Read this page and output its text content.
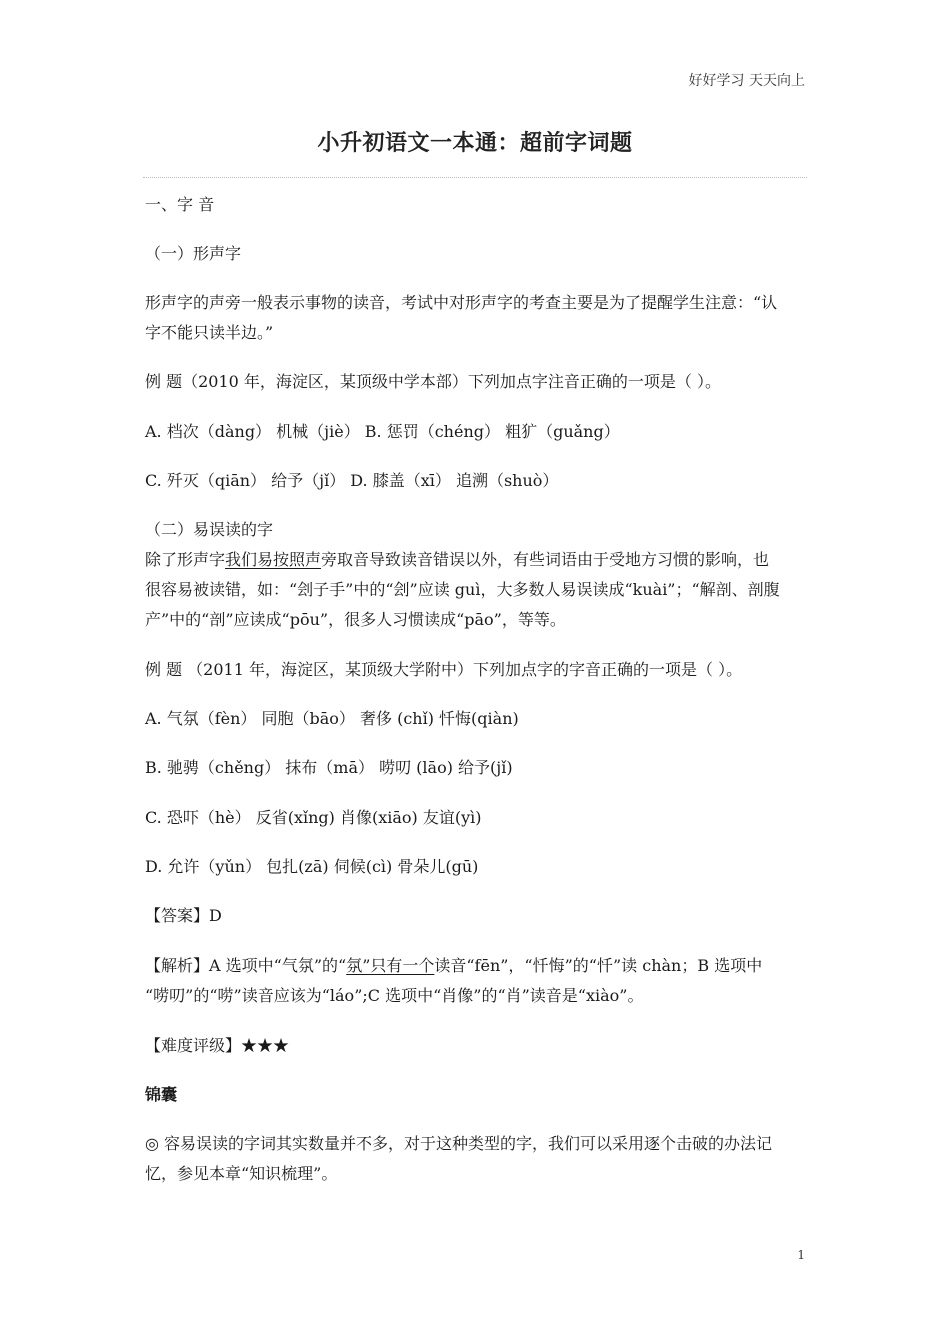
好好学习 天天向上
小升初语文一本通：超前字词题
一、字 音
（一）形声字
形声字的声旁一般表示事物的读音，考试中对形声字的考查主要是为了提醒学生注意：“认
字不能只读半边。”
例 题（2010 年，海淀区，某顶级中学本部）下列加点字注音正确的一项是（ ）。
A. 档次（dàng） 机械（jiè） B. 惩罚（chéng） 粗犷（guǎng）
C. 歼灭（qiān） 给予（jǐ） D. 膝盖（xī） 追溯（shuò）
（二）易误读的字
除了形声字我们易按照声旁取音导致读音错误以外，有些词语由于受地方习惯的影响，也
很容易被读错，如：“刽子手”中的“刽”应读 guì，大多数人易误读成“kuài”；“解剖、剖腹
产”中的“剖”应读成“pōu”，很多人习惯读成“pāo”，等等。
例 题 （2011 年，海淀区，某顶级大学附中）下列加点字的字音正确的一项是（ ）。
A. 气氛（fèn） 同胞（bāo） 奢侈 (chǐ) 忏悔(qiàn)
B. 驰骋（chěng） 抹布（mā） 唠叨 (lāo) 给予(jǐ)
C. 恐吓（hè） 反省(xǐng) 肖像(xiāo) 友谊(yì)
D. 允许（yǔn） 包扎(zā) 伺候(cì) 骨朵儿(gū)
【答案】D
【解析】A 选项中“气氛”的“氛”只有一个读音“fēn”，“忏悔”的“忏”读 chàn；B 选项中
“唠叨”的“唠”读音应该为“láo”;C 选项中“肖像”的“肖”读音是“xiào”。
【难度评级】★★★
锦囊
◎ 容易误读的字词其实数量并不多，对于这种类型的字，我们可以采用逐个击破的办法记
忆，参见本章“知识梳理”。
1
